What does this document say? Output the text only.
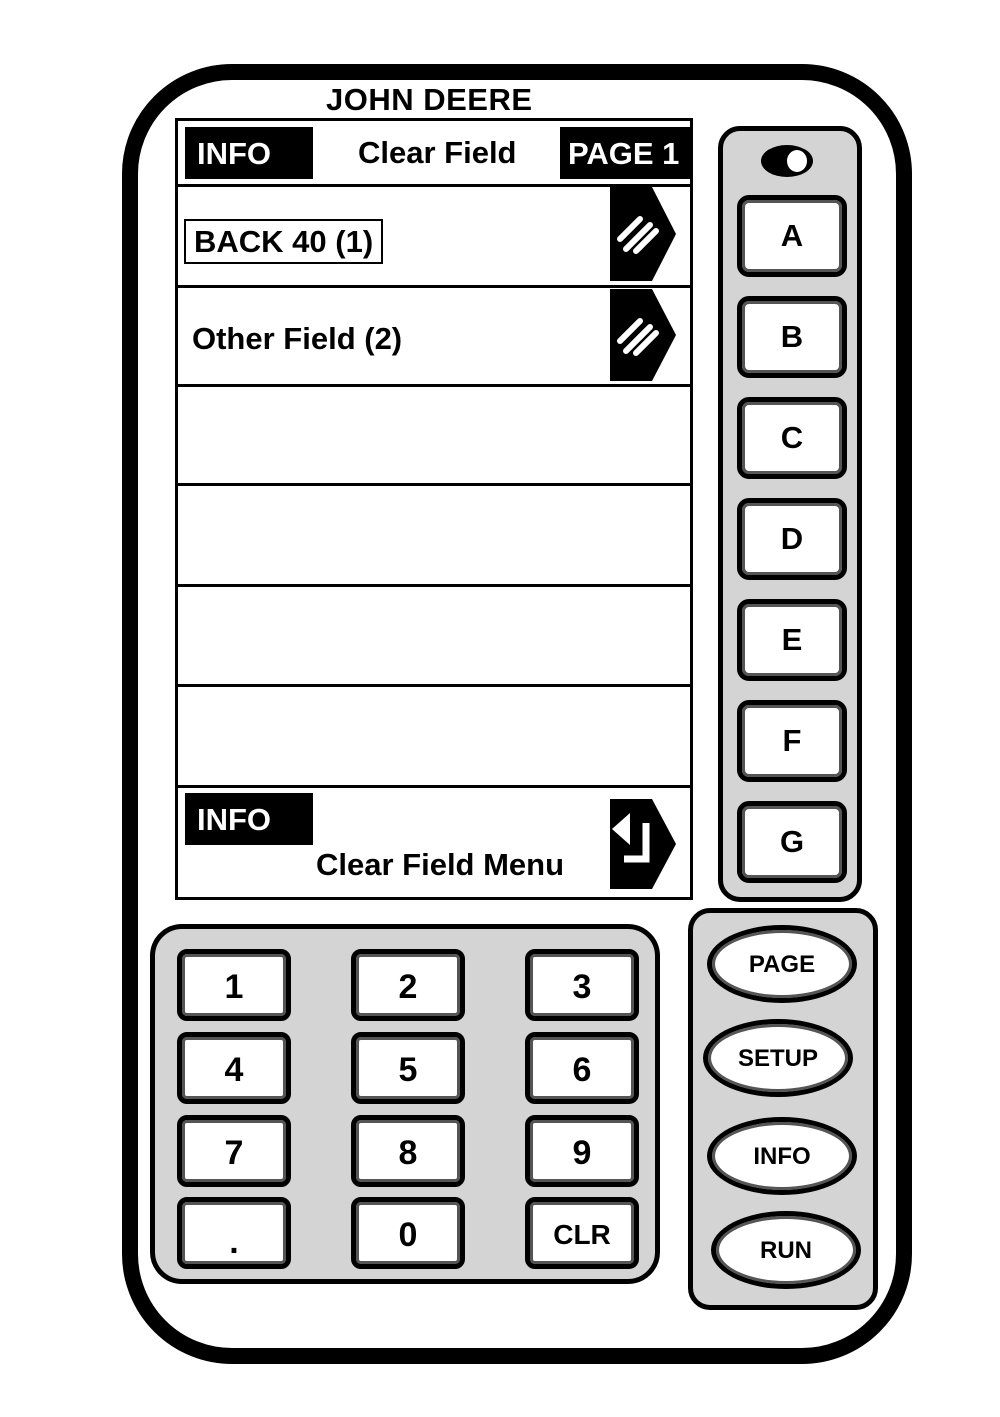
JOHN DEERE
INFO	Clear Field PAGE 1
BACK 40 (1)
Other Field (2)
INFO
Clear Field Menu
A
B
C
D
E
F
G
1	2	3
4	5	6
7	8	9
.	0	CLR
PAGE
SETUP
INFO
RUN
